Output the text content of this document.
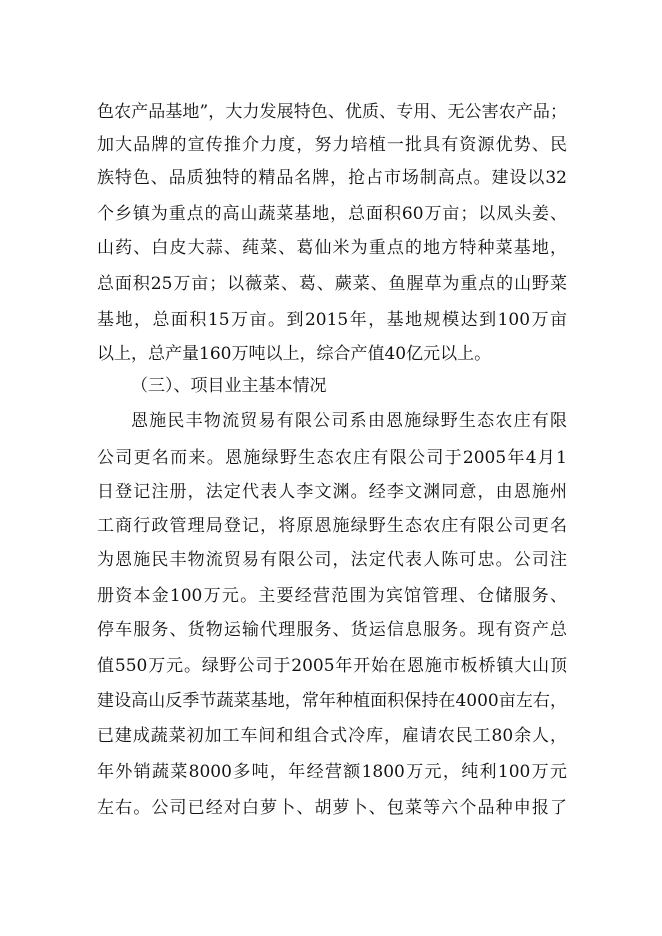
色农产品基地”，大力发展特色、优质、专用、无公害农产品；
加大品牌的宣传推介力度，努力培植一批具有资源优势、民
族特色、品质独特的精品名牌，抢占市场制高点。建设以32
个乡镇为重点的高山蔬菜基地，总面积60万亩；以凤头姜、
山药、白皮大蒜、莼菜、葛仙米为重点的地方特种菜基地，
总面积25万亩；以薇菜、葛、蕨菜、鱼腥草为重点的山野菜
基地，总面积15万亩。到2015年，基地规模达到100万亩
以上，总产量160万吨以上，综合产值40亿元以上。
（三）、项目业主基本情况
恩施民丰物流贸易有限公司系由恩施绿野生态农庄有限
公司更名而来。恩施绿野生态农庄有限公司于2005年4月1
日登记注册，法定代表人李文渊。经李文渊同意，由恩施州
工商行政管理局登记，将原恩施绿野生态农庄有限公司更名
为恩施民丰物流贸易有限公司，法定代表人陈可忠。公司注
册资本金100万元。主要经营范围为宾馆管理、仓储服务、
停车服务、货物运输代理服务、货运信息服务。现有资产总
值550万元。绿野公司于2005年开始在恩施市板桥镇大山顶
建设高山反季节蔬菜基地，常年种植面积保持在4000亩左右，
已建成蔬菜初加工车间和组合式冷库，雇请农民工80余人，
年外销蔬菜8000多吨，年经营额1800万元，纯利100万元
左右。公司已经对白萝卜、胡萝卜、包菜等六个品种申报了
